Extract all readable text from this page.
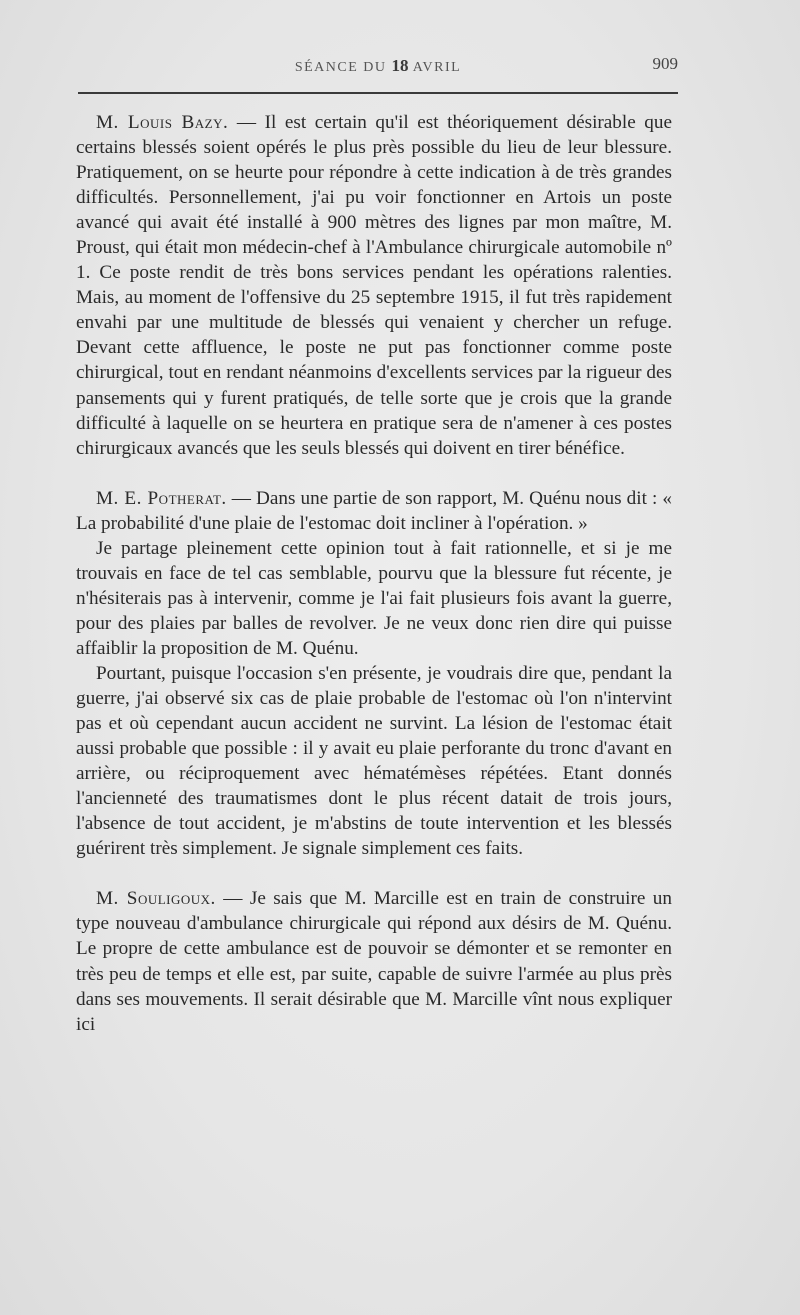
SÉANCE DU 18 AVRIL	909

M. Louis Bazy. — Il est certain qu'il est théoriquement désirable que certains blessés soient opérés le plus près possible du lieu de leur blessure. Pratiquement, on se heurte pour répondre à cette indication à de très grandes difficultés. Personnellement, j'ai pu voir fonctionner en Artois un poste avancé qui avait été installé à 900 mètres des lignes par mon maître, M. Proust, qui était mon médecin-chef à l'Ambulance chirurgicale automobile nº 1. Ce poste rendit de très bons services pendant les opérations ralenties. Mais, au moment de l'offensive du 25 septembre 1915, il fut très rapidement envahi par une multitude de blessés qui venaient y chercher un refuge. Devant cette affluence, le poste ne put pas fonctionner comme poste chirurgical, tout en rendant néanmoins d'excellents services par la rigueur des pansements qui y furent pratiqués, de telle sorte que je crois que la grande difficulté à laquelle on se heurtera en pratique sera de n'amener à ces postes chirurgicaux avancés que les seuls blessés qui doivent en tirer bénéfice.

M. E. Potherat. — Dans une partie de son rapport, M. Quénu nous dit : « La probabilité d'une plaie de l'estomac doit incliner à l'opération. »

Je partage pleinement cette opinion tout à fait rationnelle, et si je me trouvais en face de tel cas semblable, pourvu que la blessure fut récente, je n'hésiterais pas à intervenir, comme je l'ai fait plusieurs fois avant la guerre, pour des plaies par balles de revolver. Je ne veux donc rien dire qui puisse affaiblir la proposition de M. Quénu.

Pourtant, puisque l'occasion s'en présente, je voudrais dire que, pendant la guerre, j'ai observé six cas de plaie probable de l'estomac où l'on n'intervint pas et où cependant aucun accident ne survint. La lésion de l'estomac était aussi probable que possible : il y avait eu plaie perforante du tronc d'avant en arrière, ou réciproquement avec hématémèses répétées. Etant donnés l'ancienneté des traumatismes dont le plus récent datait de trois jours, l'absence de tout accident, je m'abstins de toute intervention et les blessés guérirent très simplement. Je signale simplement ces faits.

M. Souligoux. — Je sais que M. Marcille est en train de construire un type nouveau d'ambulance chirurgicale qui répond aux désirs de M. Quénu. Le propre de cette ambulance est de pouvoir se démonter et se remonter en très peu de temps et elle est, par suite, capable de suivre l'armée au plus près dans ses mouvements. Il serait désirable que M. Marcille vînt nous expliquer ici
